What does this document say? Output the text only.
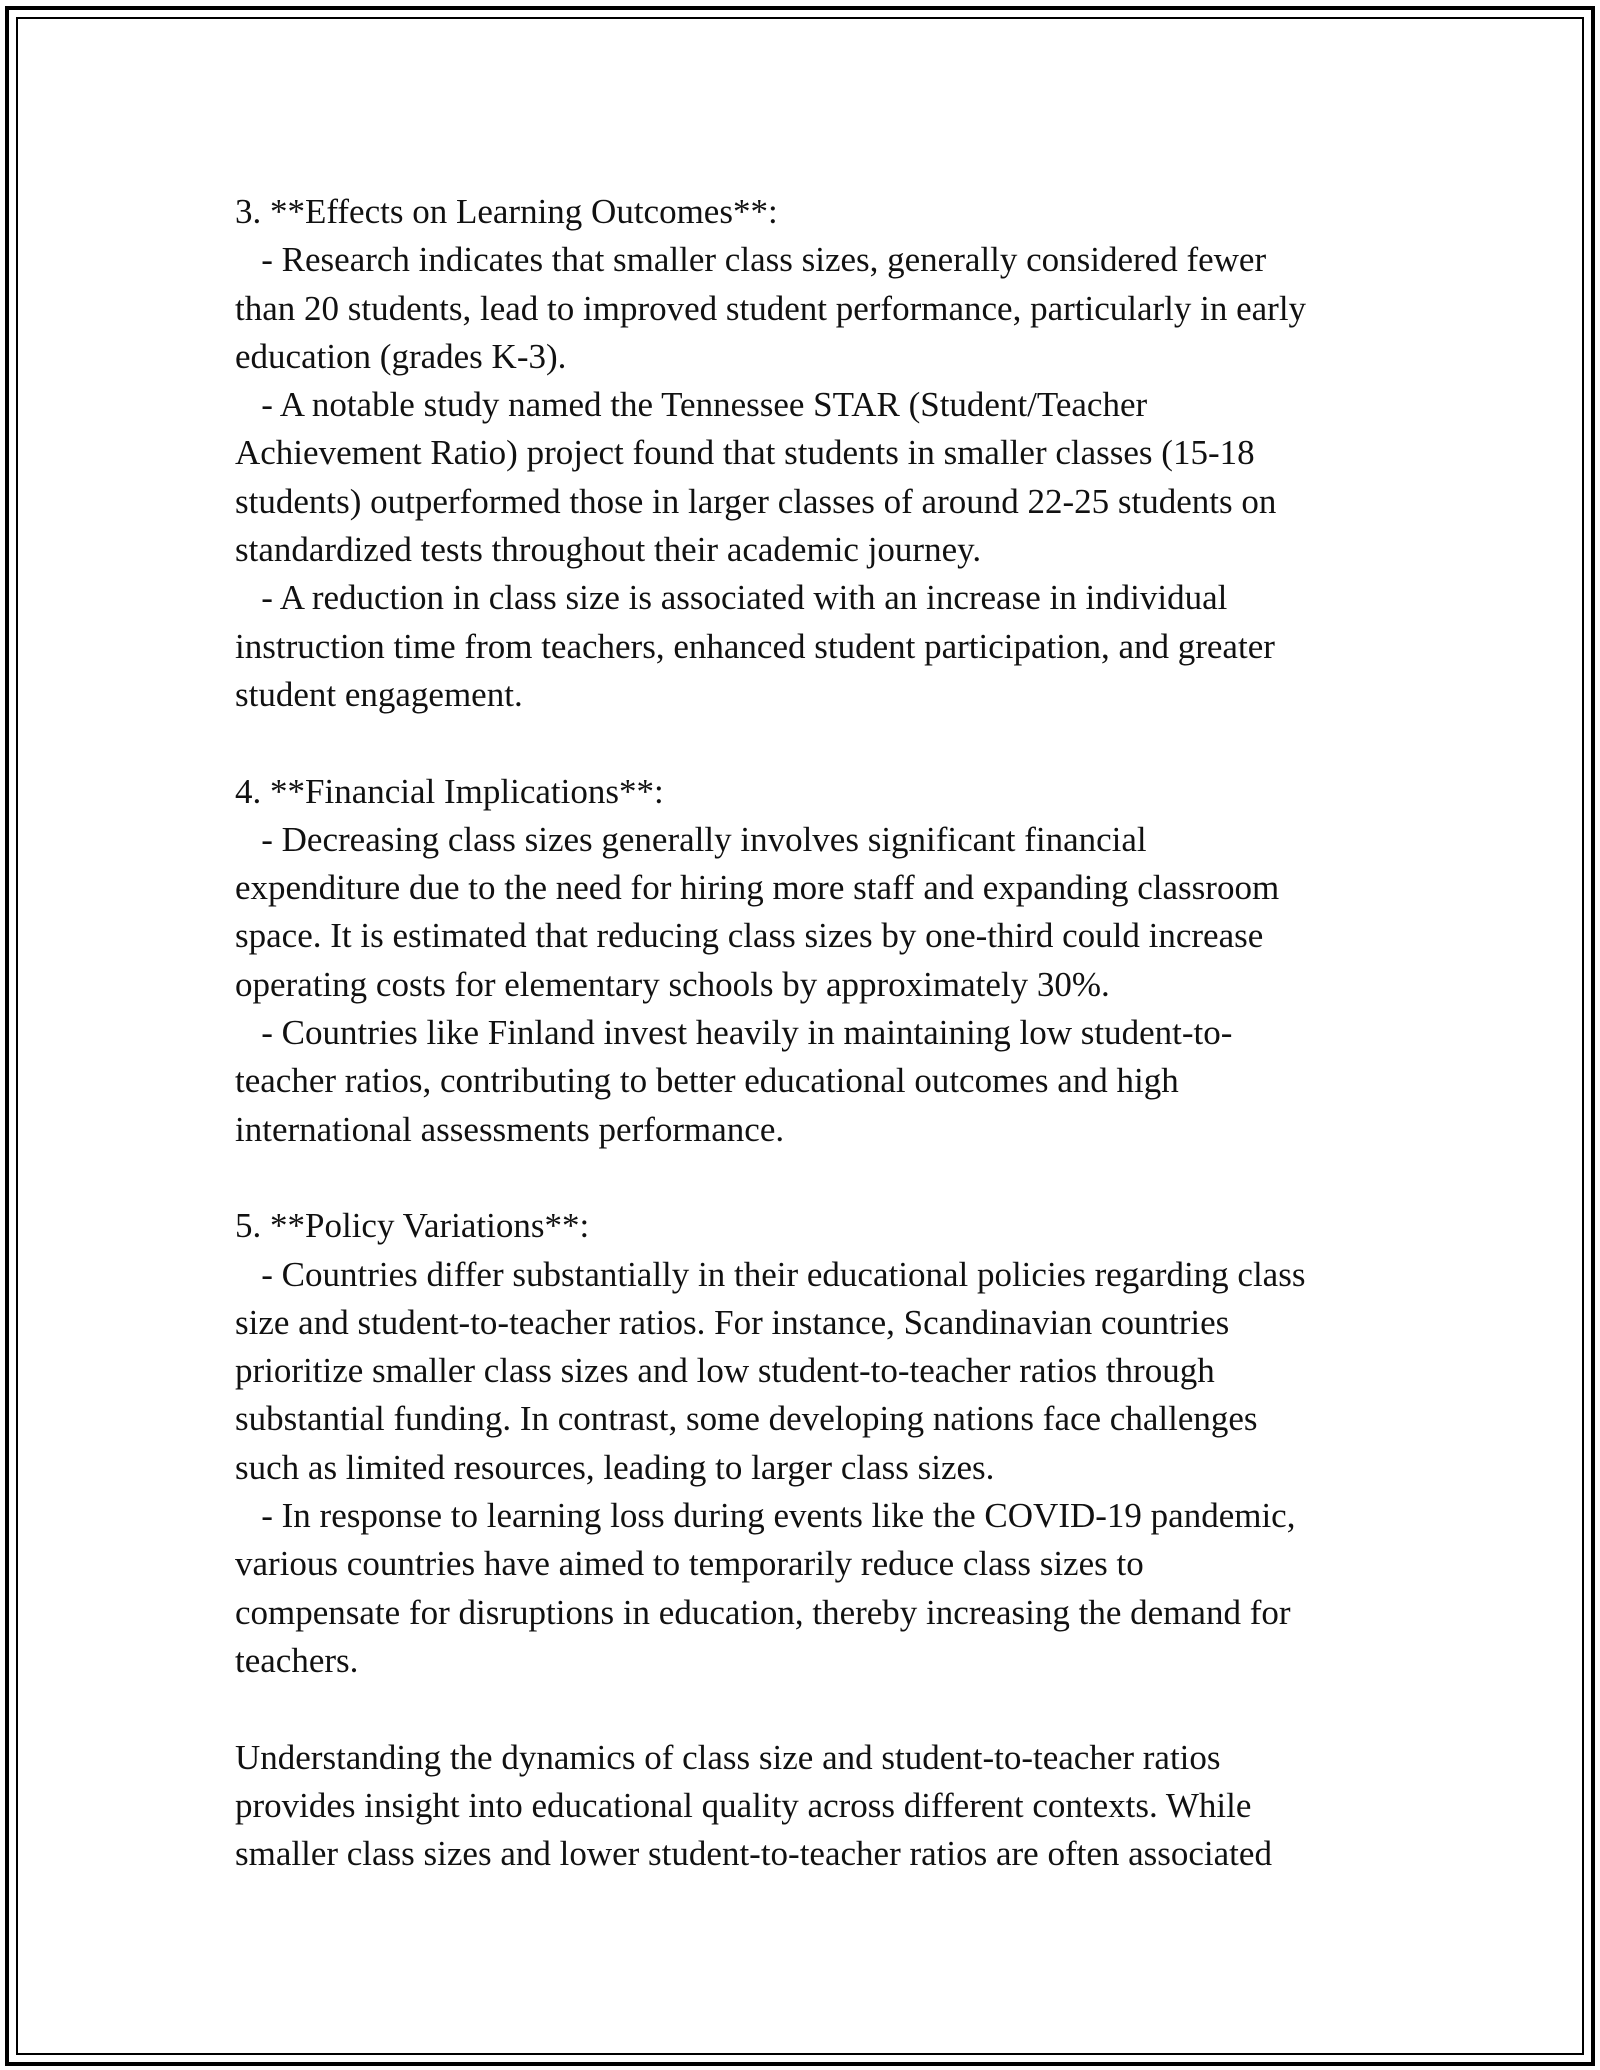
3. **Effects on Learning Outcomes**:
- Research indicates that smaller class sizes, generally considered fewer
than 20 students, lead to improved student performance, particularly in early
education (grades K-3).
- A notable study named the Tennessee STAR (Student/Teacher
Achievement Ratio) project found that students in smaller classes (15-18
students) outperformed those in larger classes of around 22-25 students on
standardized tests throughout their academic journey.
- A reduction in class size is associated with an increase in individual
instruction time from teachers, enhanced student participation, and greater
student engagement.
4. **Financial Implications**:
- Decreasing class sizes generally involves significant financial
expenditure due to the need for hiring more staff and expanding classroom
space. It is estimated that reducing class sizes by one-third could increase
operating costs for elementary schools by approximately 30%.
- Countries like Finland invest heavily in maintaining low student-to-
teacher ratios, contributing to better educational outcomes and high
international assessments performance.
5. **Policy Variations**:
- Countries differ substantially in their educational policies regarding class
size and student-to-teacher ratios. For instance, Scandinavian countries
prioritize smaller class sizes and low student-to-teacher ratios through
substantial funding. In contrast, some developing nations face challenges
such as limited resources, leading to larger class sizes.
- In response to learning loss during events like the COVID-19 pandemic,
various countries have aimed to temporarily reduce class sizes to
compensate for disruptions in education, thereby increasing the demand for
teachers.
Understanding the dynamics of class size and student-to-teacher ratios
provides insight into educational quality across different contexts. While
smaller class sizes and lower student-to-teacher ratios are often associated
